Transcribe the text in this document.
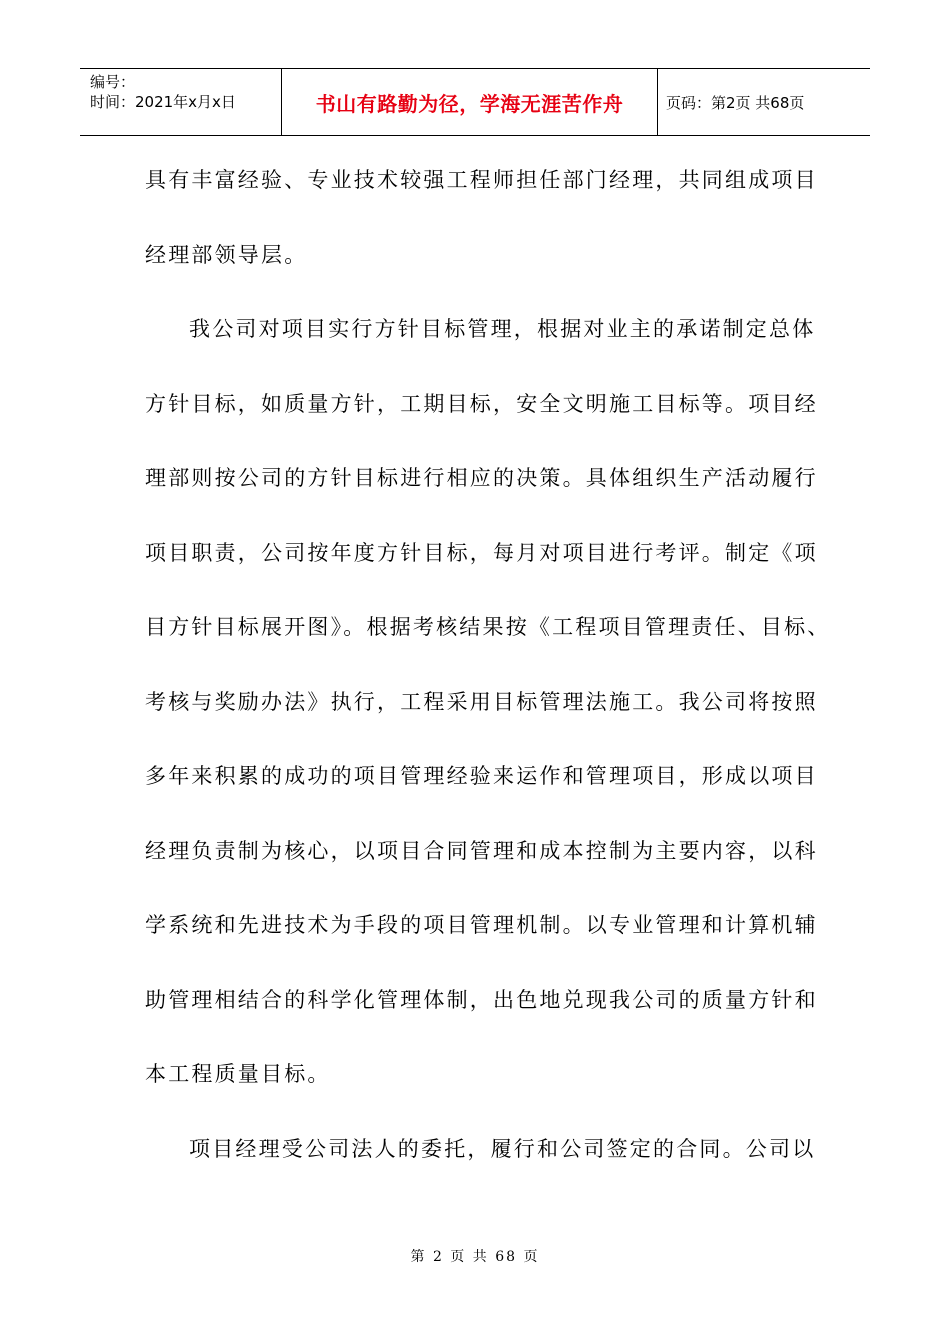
编号：
时间：2021年x月x日	书山有路勤为径，学海无涯苦作舟	页码：第2页 共68页
具有丰富经验、专业技术较强工程师担任部门经理，共同组成项目
经理部领导层。
我公司对项目实行方针目标管理，根据对业主的承诺制定总体
方针目标，如质量方针，工期目标，安全文明施工目标等。项目经
理部则按公司的方针目标进行相应的决策。具体组织生产活动履行
项目职责，公司按年度方针目标，每月对项目进行考评。制定《项
目方针目标展开图》。根据考核结果按《工程项目管理责任、目标、
考核与奖励办法》执行，工程采用目标管理法施工。我公司将按照
多年来积累的成功的项目管理经验来运作和管理项目，形成以项目
经理负责制为核心，以项目合同管理和成本控制为主要内容，以科
学系统和先进技术为手段的项目管理机制。以专业管理和计算机辅
助管理相结合的科学化管理体制，出色地兑现我公司的质量方针和
本工程质量目标。
项目经理受公司法人的委托，履行和公司签定的合同。公司以
第 2 页 共 68 页
